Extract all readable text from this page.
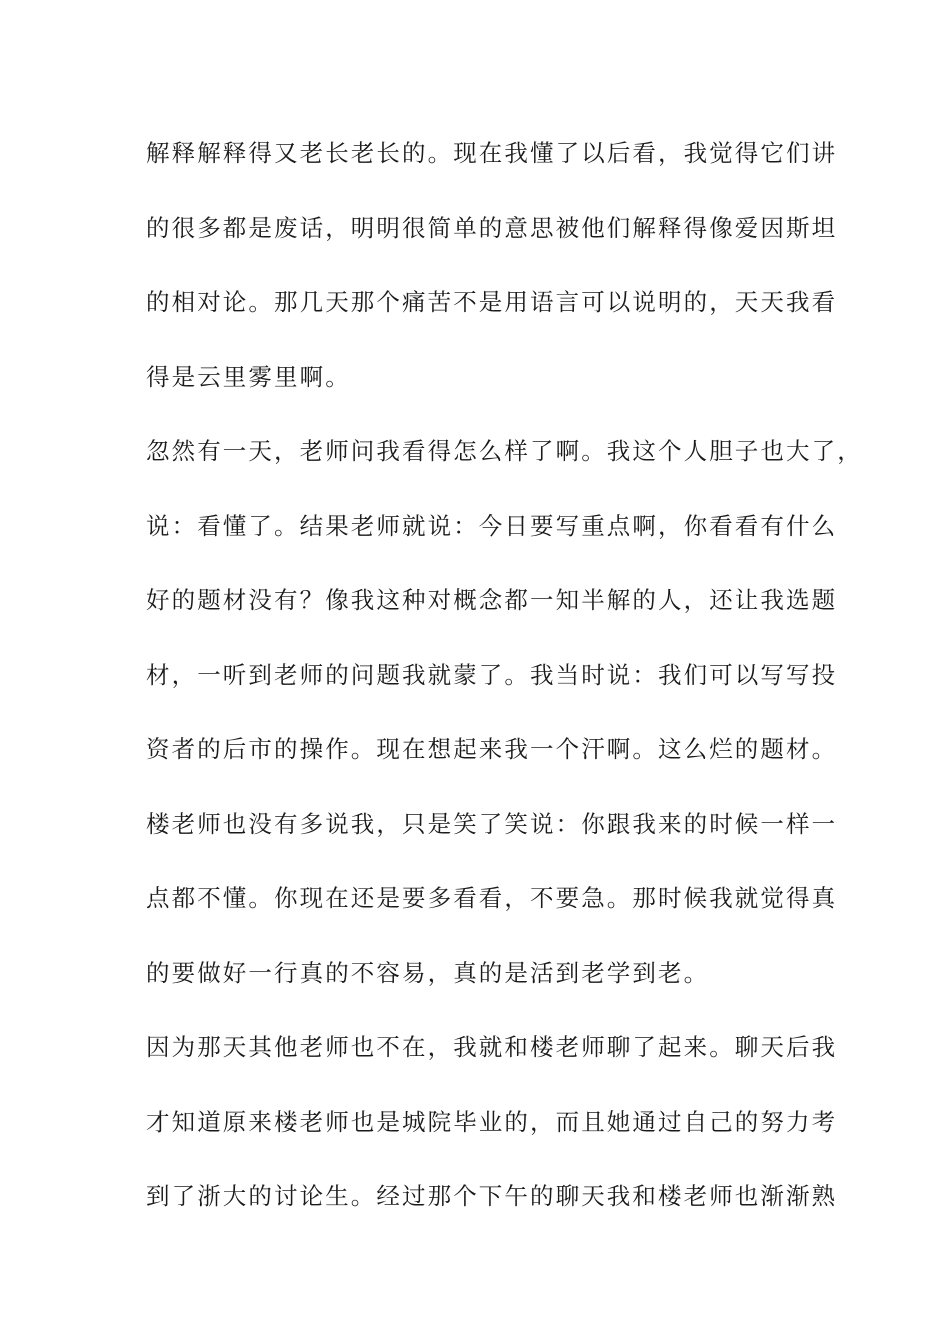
解释解释得又老长老长的。现在我懂了以后看，我觉得它们讲
的很多都是废话，明明很简单的意思被他们解释得像爱因斯坦
的相对论。那几天那个痛苦不是用语言可以说明的，天天我看
得是云里雾里啊。
忽然有一天，老师问我看得怎么样了啊。我这个人胆子也大了，
说：看懂了。结果老师就说：今日要写重点啊，你看看有什么
好的题材没有？像我这种对概念都一知半解的人，还让我选题
材，一听到老师的问题我就蒙了。我当时说：我们可以写写投
资者的后市的操作。现在想起来我一个汗啊。这么烂的题材。
楼老师也没有多说我，只是笑了笑说：你跟我来的时候一样一
点都不懂。你现在还是要多看看，不要急。那时候我就觉得真
的要做好一行真的不容易，真的是活到老学到老。
因为那天其他老师也不在，我就和楼老师聊了起来。聊天后我
才知道原来楼老师也是城院毕业的，而且她通过自己的努力考
到了浙大的讨论生。经过那个下午的聊天我和楼老师也渐渐熟
